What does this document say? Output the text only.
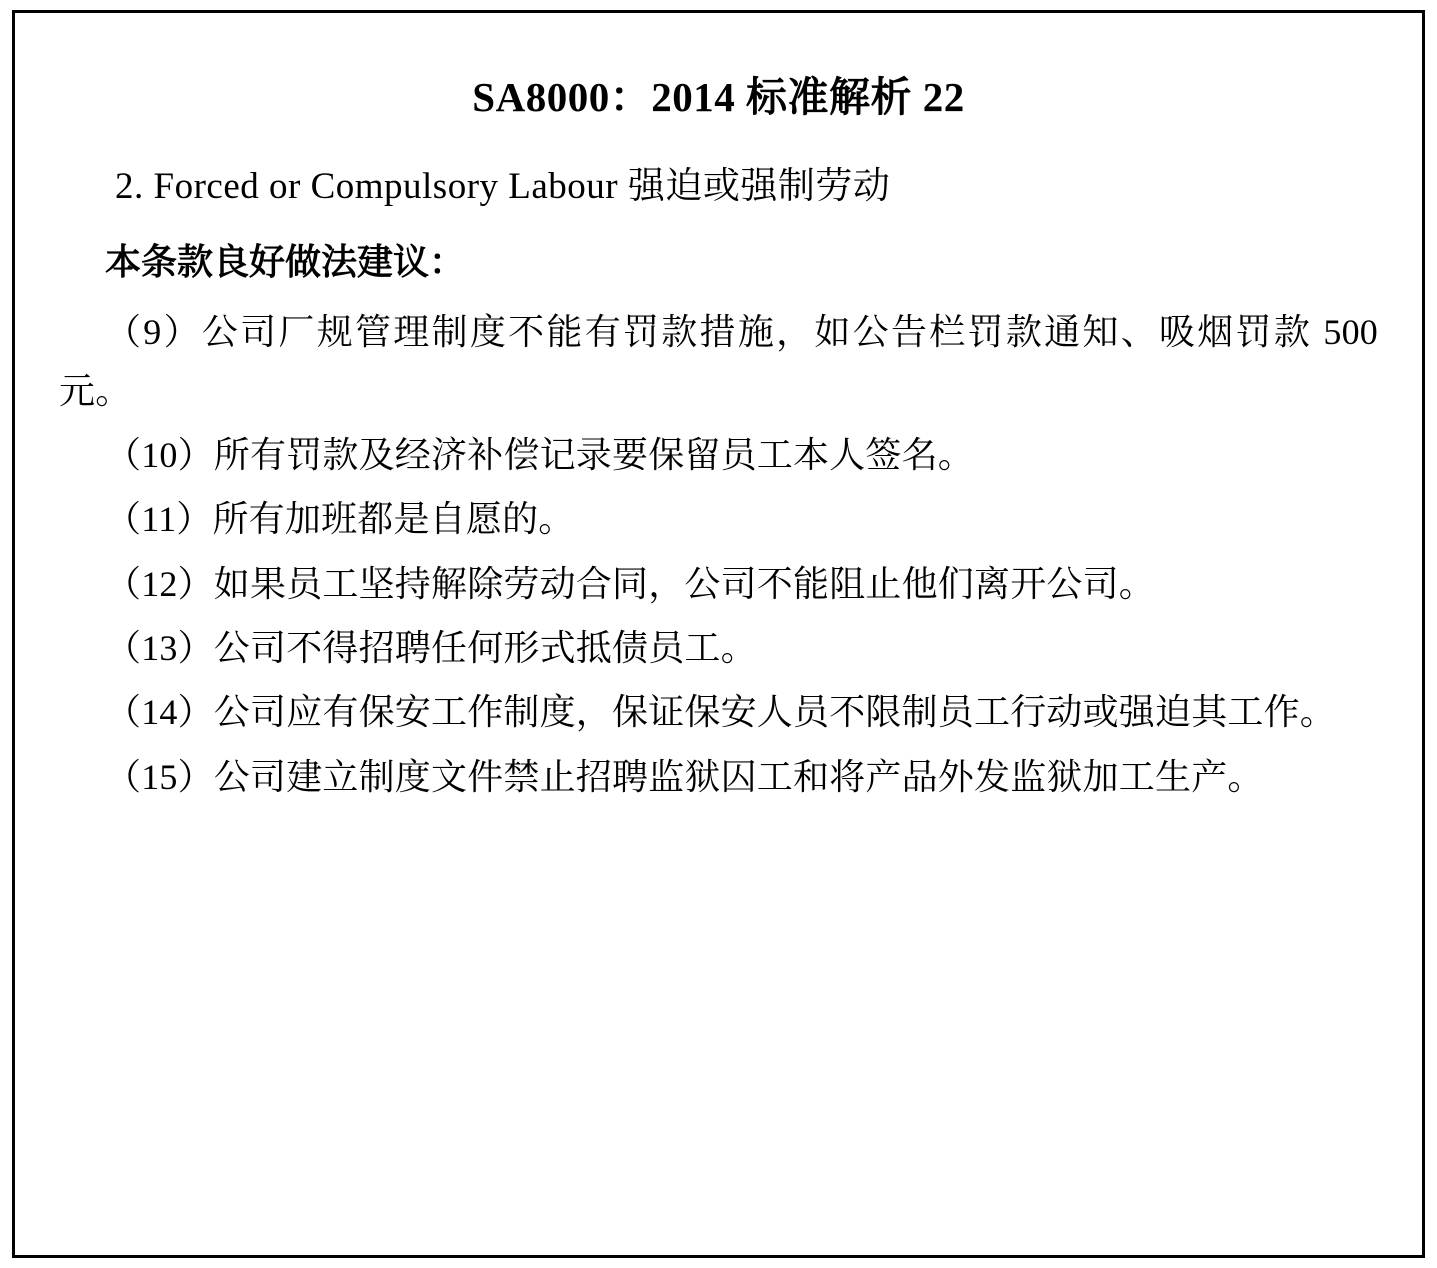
SA8000：2014 标准解析 22

2. Forced or Compulsory Labour 强迫或强制劳动

本条款良好做法建议：

（9）公司厂规管理制度不能有罚款措施，如公告栏罚款通知、吸烟罚款 500 元。

（10）所有罚款及经济补偿记录要保留员工本人签名。

（11）所有加班都是自愿的。

（12）如果员工坚持解除劳动合同，公司不能阻止他们离开公司。

（13）公司不得招聘任何形式抵债员工。

（14）公司应有保安工作制度，保证保安人员不限制员工行动或强迫其工作。

（15）公司建立制度文件禁止招聘监狱囚工和将产品外发监狱加工生产。
